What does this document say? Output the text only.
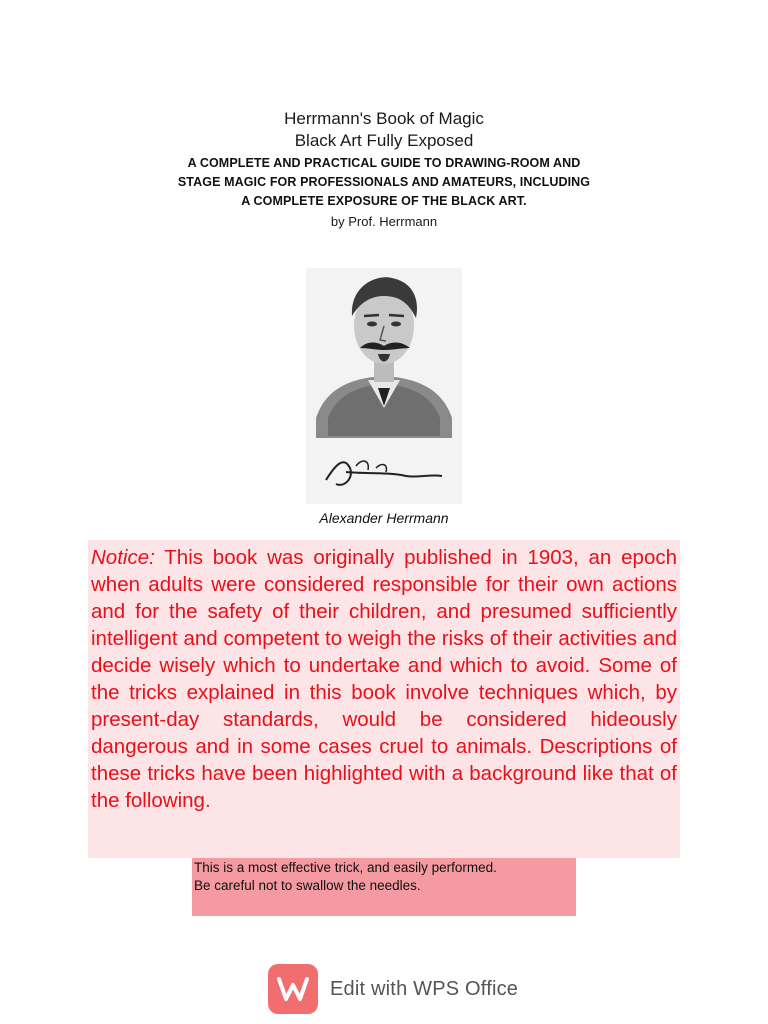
Herrmann's Book of Magic
Black Art Fully Exposed
A COMPLETE AND PRACTICAL GUIDE TO DRAWING-ROOM AND
STAGE MAGIC FOR PROFESSIONALS AND AMATEURS, INCLUDING
A COMPLETE EXPOSURE OF THE BLACK ART.
by Prof. Herrmann
Alexander Herrmann

Notice: This book was originally published in 1903, an epoch when adults were considered responsible for their own actions and for the safety of their children, and presumed sufficiently intelligent and competent to weigh the risks of their activities and decide wisely which to undertake and which to avoid. Some of the tricks explained in this book involve techniques which, by present-day standards, would be considered hideously dangerous and in some cases cruel to animals. Descriptions of these tricks have been highlighted with a background like that of the following.

This is a most effective trick, and easily performed.

Be careful not to swallow the needles.

Edit with WPS Office
